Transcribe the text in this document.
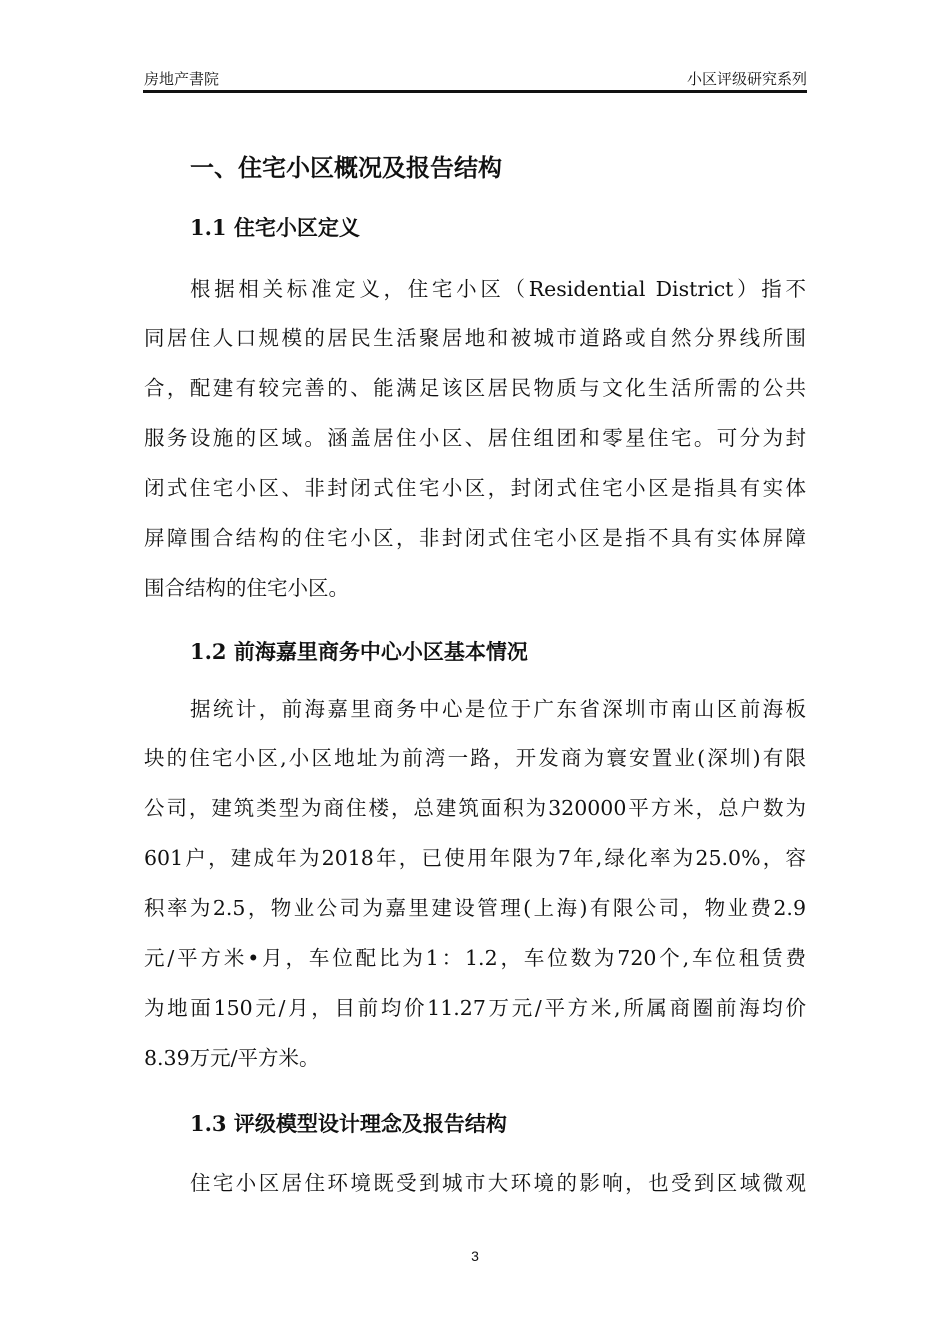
房地产書院	小区评级研究系列
一、住宅小区概况及报告结构
1.1 住宅小区定义
根据相关标准定义，住宅小区（Residential District）指不
同居住人口规模的居民生活聚居地和被城市道路或自然分界线所围
合，配建有较完善的、能满足该区居民物质与文化生活所需的公共
服务设施的区域。涵盖居住小区、居住组团和零星住宅。可分为封
闭式住宅小区、非封闭式住宅小区，封闭式住宅小区是指具有实体
屏障围合结构的住宅小区，非封闭式住宅小区是指不具有实体屏障
围合结构的住宅小区。
1.2 前海嘉里商务中心小区基本情况
据统计，前海嘉里商务中心是位于广东省深圳市南山区前海板
块的住宅小区,小区地址为前湾一路，开发商为寰安置业(深圳)有限
公司，建筑类型为商住楼，总建筑面积为320000平方米，总户数为
601户，建成年为2018年，已使用年限为7年,绿化率为25.0%，容
积率为2.5，物业公司为嘉里建设管理(上海)有限公司，物业费2.9
元/平方米•月，车位配比为1：1.2，车位数为720个,车位租赁费
为地面150元/月，目前均价11.27万元/平方米,所属商圈前海均价
8.39万元/平方米。
1.3 评级模型设计理念及报告结构
住宅小区居住环境既受到城市大环境的影响，也受到区域微观
3
